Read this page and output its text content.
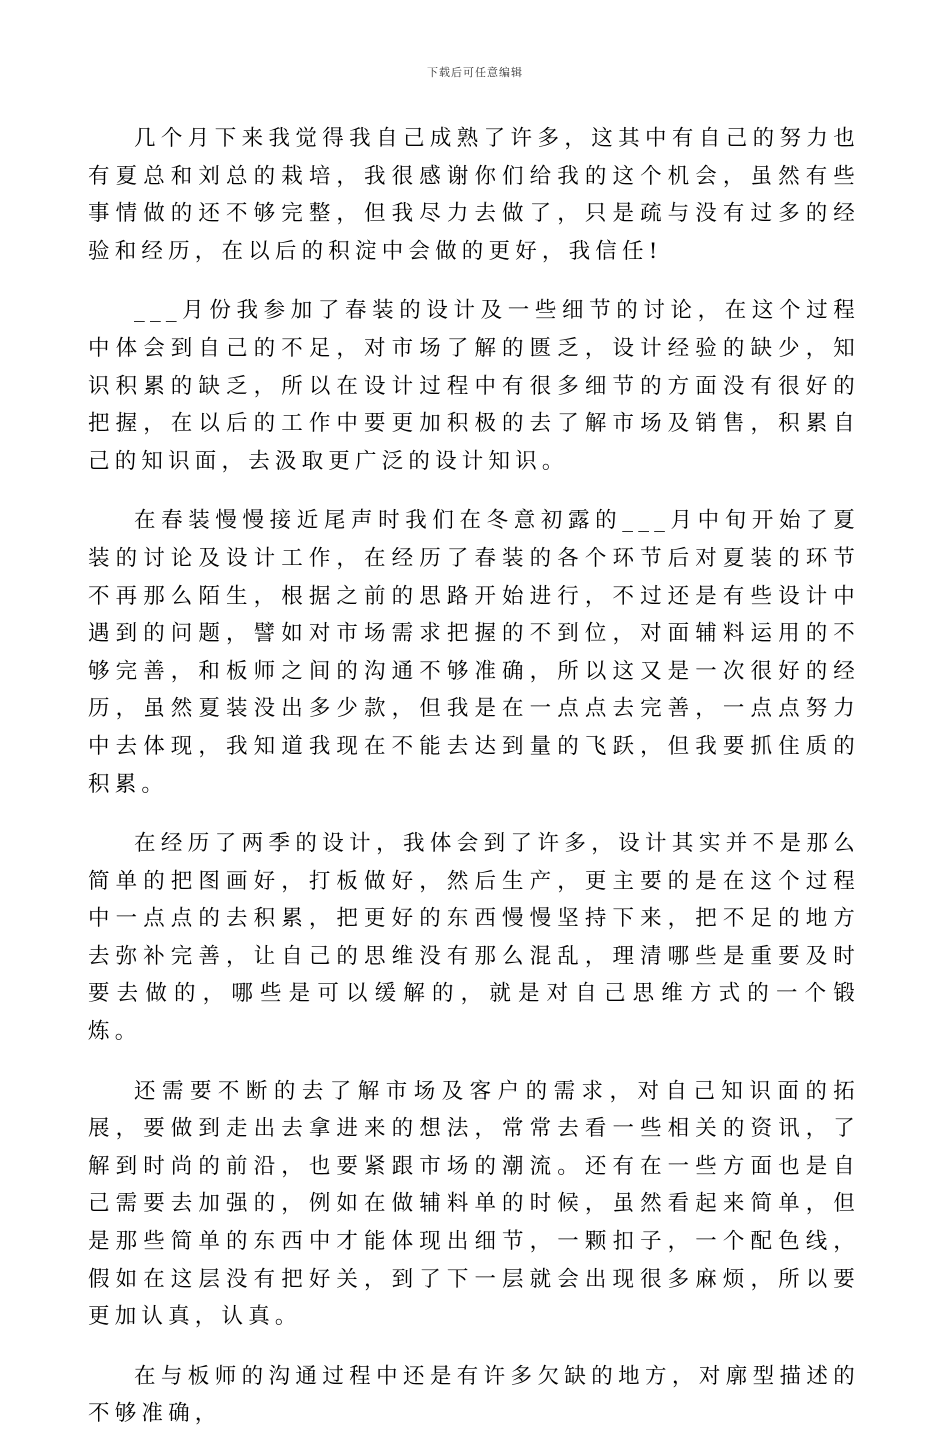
下载后可任意编辑

几个月下来我觉得我自己成熟了许多，这其中有自己的努力也有夏总和刘总的栽培，我很感谢你们给我的这个机会，虽然有些事情做的还不够完整，但我尽力去做了，只是疏与没有过多的经验和经历，在以后的积淀中会做的更好，我信任!

___月份我参加了春装的设计及一些细节的讨论，在这个过程中体会到自己的不足，对市场了解的匮乏，设计经验的缺少，知识积累的缺乏，所以在设计过程中有很多细节的方面没有很好的把握，在以后的工作中要更加积极的去了解市场及销售，积累自己的知识面，去汲取更广泛的设计知识。

在春装慢慢接近尾声时我们在冬意初露的___月中旬开始了夏装的讨论及设计工作，在经历了春装的各个环节后对夏装的环节不再那么陌生，根据之前的思路开始进行，不过还是有些设计中遇到的问题，譬如对市场需求把握的不到位，对面辅料运用的不够完善，和板师之间的沟通不够准确，所以这又是一次很好的经历，虽然夏装没出多少款，但我是在一点点去完善，一点点努力中去体现，我知道我现在不能去达到量的飞跃，但我要抓住质的积累。

在经历了两季的设计，我体会到了许多，设计其实并不是那么简单的把图画好，打板做好，然后生产，更主要的是在这个过程中一点点的去积累，把更好的东西慢慢坚持下来，把不足的地方去弥补完善，让自己的思维没有那么混乱，理清哪些是重要及时要去做的，哪些是可以缓解的，就是对自己思维方式的一个锻炼。

还需要不断的去了解市场及客户的需求，对自己知识面的拓展，要做到走出去拿进来的想法，常常去看一些相关的资讯，了解到时尚的前沿，也要紧跟市场的潮流。还有在一些方面也是自己需要去加强的，例如在做辅料单的时候，虽然看起来简单，但是那些简单的东西中才能体现出细节，一颗扣子，一个配色线，假如在这层没有把好关，到了下一层就会出现很多麻烦，所以要更加认真，认真。

在与板师的沟通过程中还是有许多欠缺的地方，对廓型描述的不够准确，
